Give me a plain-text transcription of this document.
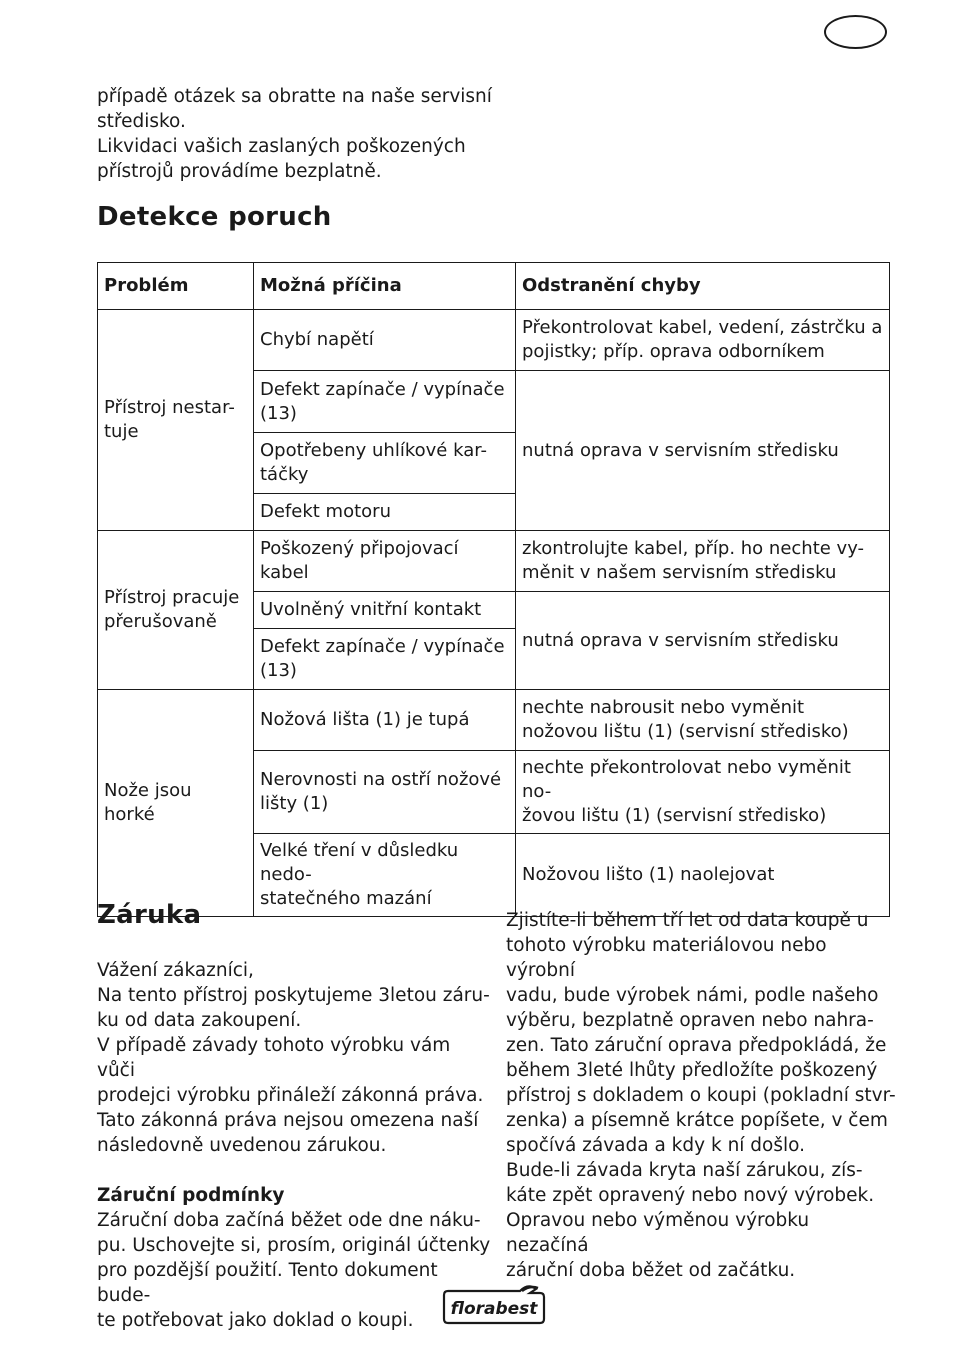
případě otázek sa obratte na naše servisní

středisko.

Likvidaci vašich zaslaných poškozených

přístrojů provádíme bezplatně.

Detekce poruch
Problém	Možná příčina	Odstranění chyby
Přístroj nestar-
tuje	Chybí napětí	Překontrolovat kabel, vedení, zástrčku a pojistky; příp. oprava odborníkem
	Defekt zapínače / vypínače (13)	nutná oprava v servisním středisku
	Opotřebeny uhlíkové kar-
táčky	
	Defekt motoru	
Přístroj pracuje přerušovaně	Poškozený připojovací kabel	zkontrolujte kabel, příp. ho nechte vy-
měnit v našem servisním středisku
	Uvolněný vnitřní kontakt	nutná oprava v servisním středisku
	Defekt zapínače / vypínače (13)	
Nože jsou horké	Nožová lišta (1) je tupá	nechte nabrousit nebo vyměnit nožovou lištu (1) (servisní středisko)
	Nerovnosti na ostří nožové lišty (1)	nechte překontrolovat nebo vyměnit no-
žovou lištu (1) (servisní středisko)
	Velké tření v důsledku nedo-
statečného mazání	Nožovou lišto (1) naolejovat
Záruka

Vážení zákazníci,

Na tento přístroj poskytujeme 3letou záru-

ku od data zakoupení.

V případě závady tohoto výrobku vám vůči

prodejci výrobku přináleží zákonná práva.

Tato zákonná práva nejsou omezena naší

následovně uvedenou zárukou.

Záruční podmínky

Záruční doba začíná běžet ode dne náku-

pu. Uschovejte si, prosím, originál účtenky

pro pozdější použití. Tento dokument bude-

te potřebovat jako doklad o koupi.

Zjistíte-li během tří let od data koupě u

tohoto výrobku materiálovou nebo výrobní

vadu, bude výrobek námi, podle našeho

výběru, bezplatně opraven nebo nahra-

zen. Tato záruční oprava předpokládá, že

během 3leté lhůty předložíte poškozený

přístroj s dokladem o koupi (pokladní stvr-

zenka) a písemně krátce popíšete, v čem

spočívá závada a kdy k ní došlo.

Bude-li závada kryta naší zárukou, zís-

káte zpět opravený nebo nový výrobek.

Opravou nebo výměnou výrobku nezačíná

záruční doba běžet od začátku.

florabest
